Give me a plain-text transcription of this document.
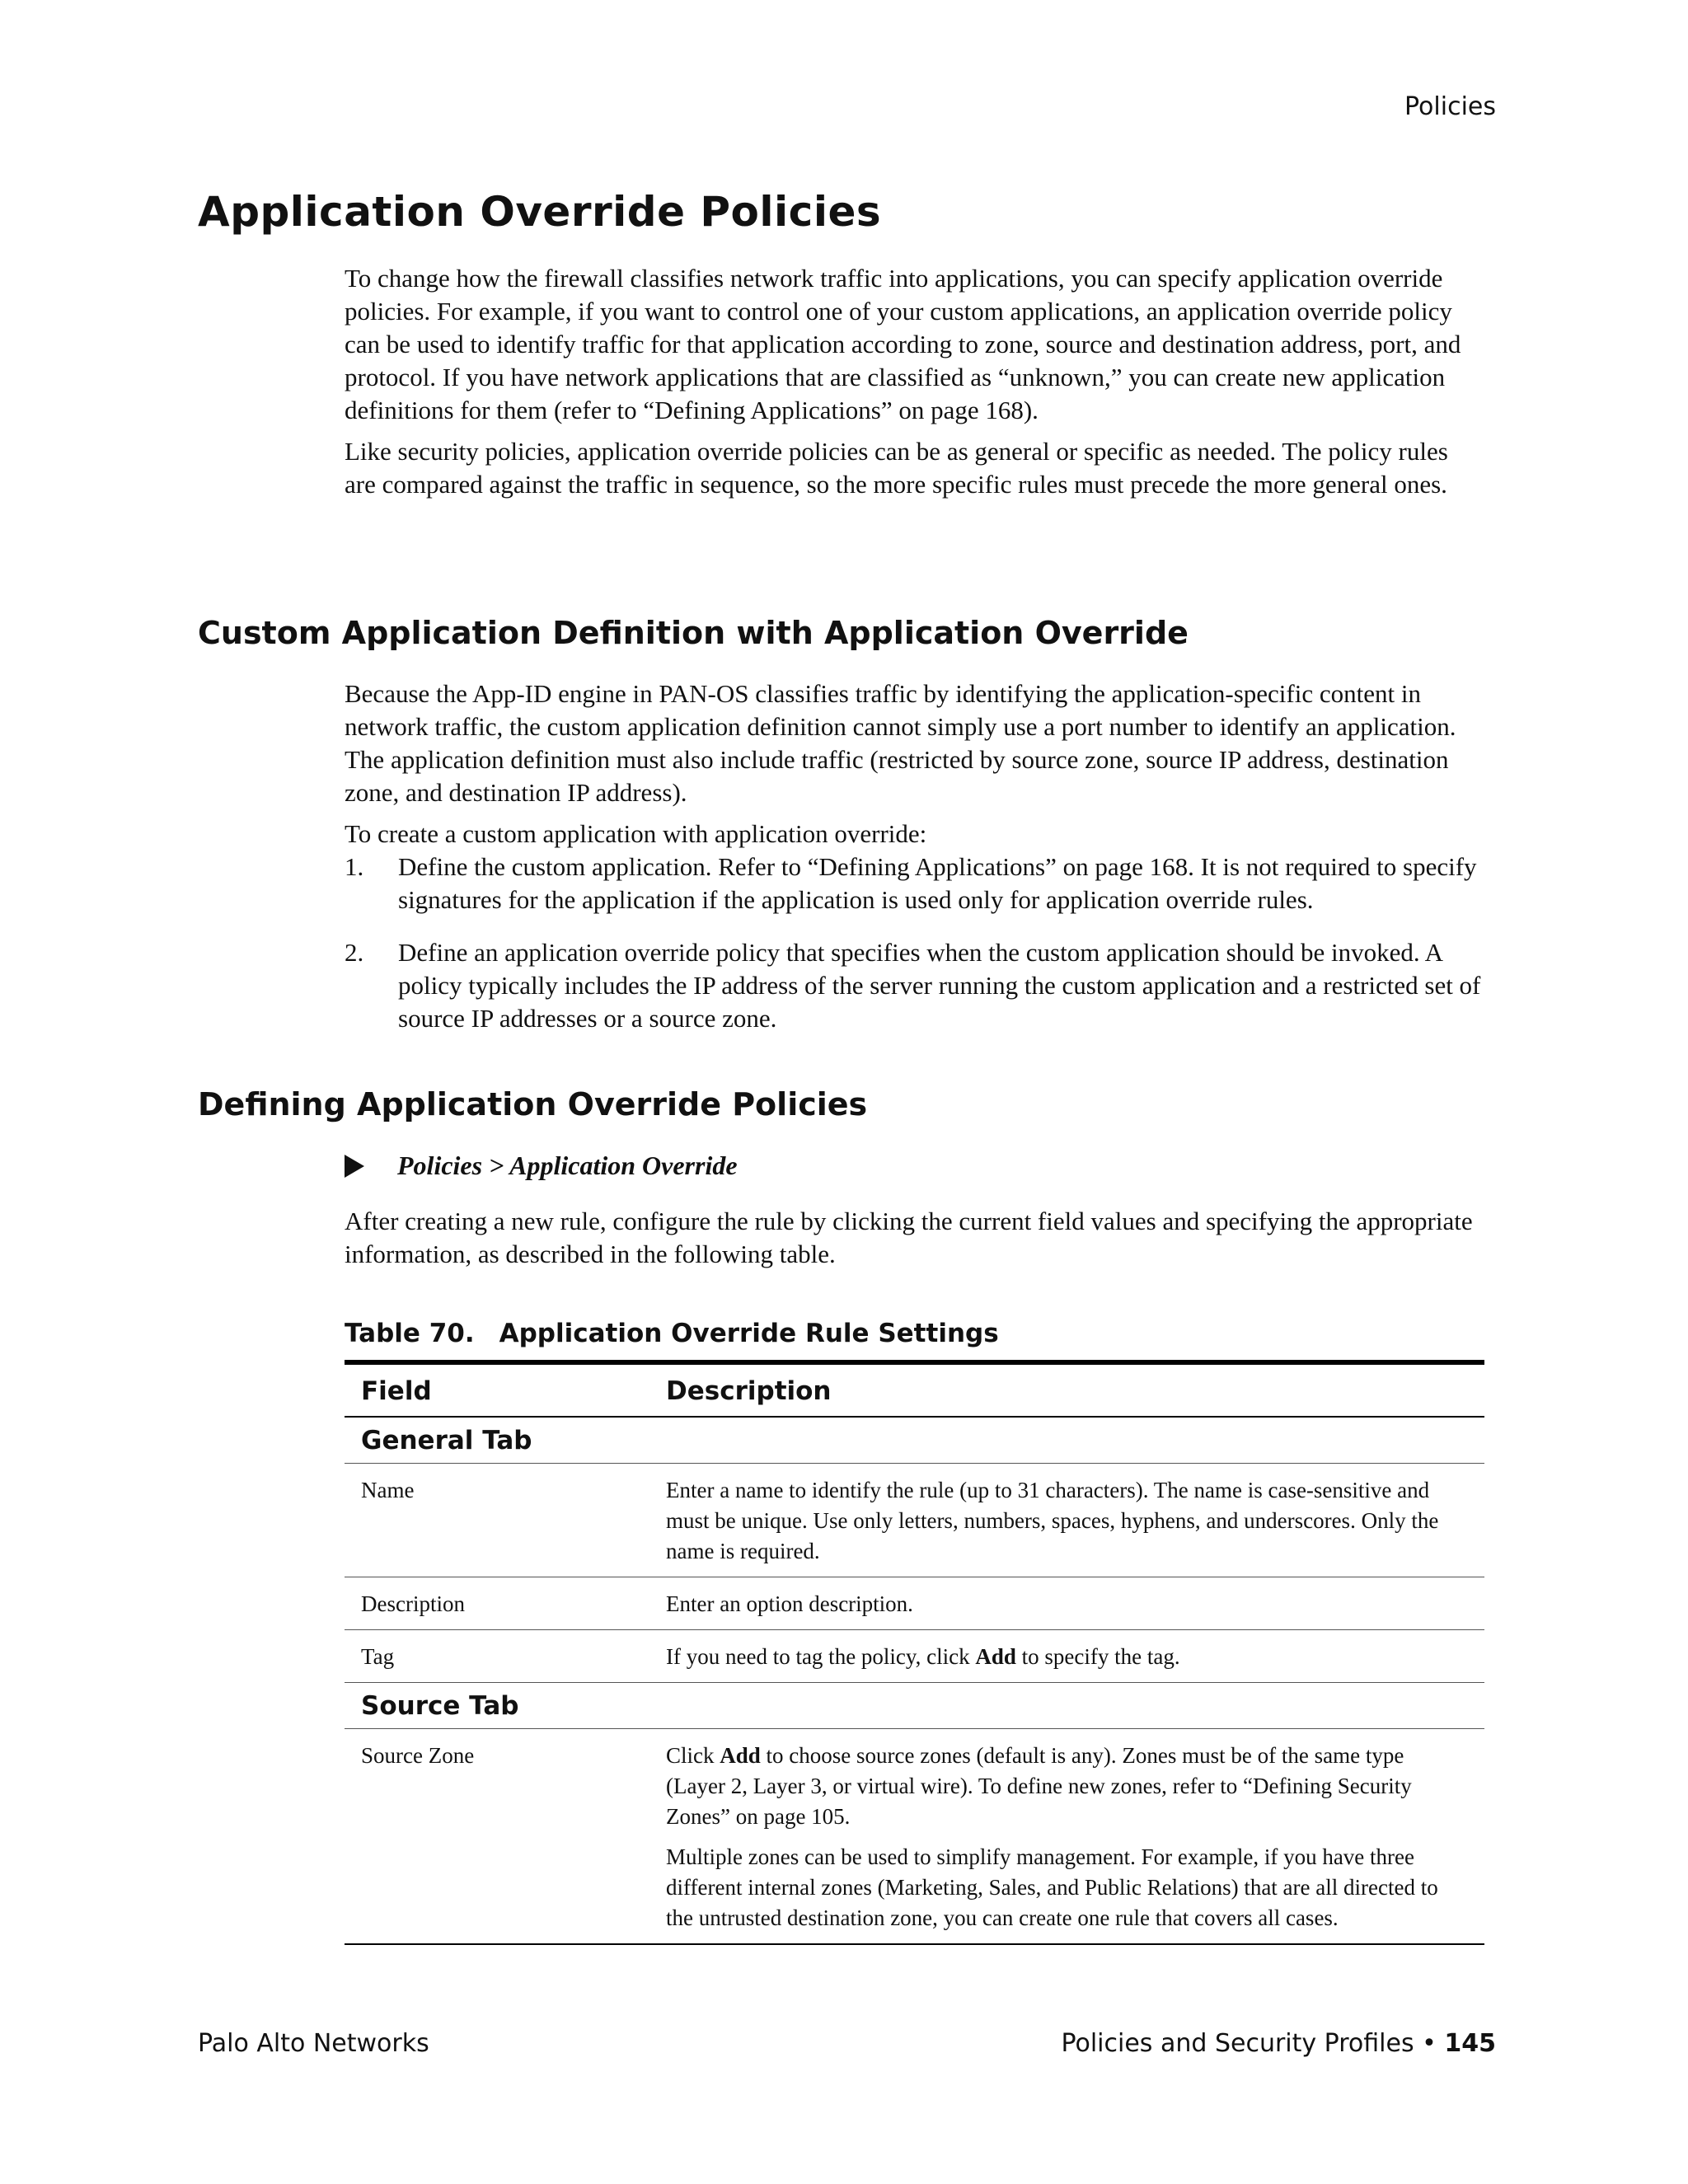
Policies
Application Override Policies

To change how the firewall classifies network traffic into applications, you can specify application override policies. For example, if you want to control one of your custom applications, an application override policy can be used to identify traffic for that application according to zone, source and destination address, port, and protocol. If you have network applications that are classified as “unknown,” you can create new application definitions for them (refer to “Defining Applications” on page 168).

Like security policies, application override policies can be as general or specific as needed. The policy rules are compared against the traffic in sequence, so the more specific rules must precede the more general ones.

Custom Application Definition with Application Override

Because the App-ID engine in PAN-OS classifies traffic by identifying the application-specific content in network traffic, the custom application definition cannot simply use a port number to identify an application. The application definition must also include traffic (restricted by source zone, source IP address, destination zone, and destination IP address).

To create a custom application with application override:

1. Define the custom application. Refer to “Defining Applications” on page 168. It is not required to specify signatures for the application if the application is used only for application override rules.
2. Define an application override policy that specifies when the custom application should be invoked. A policy typically includes the IP address of the server running the custom application and a restricted set of source IP addresses or a source zone.
Defining Application Override Policies
Policies > Application Override

After creating a new rule, configure the rule by clicking the current field values and specifying the appropriate information, as described in the following table.

Table 70. Application Override Rule Settings
Field	Description
General Tab	
Name	Enter a name to identify the rule (up to 31 characters). The name is case-sensitive and must be unique. Use only letters, numbers, spaces, hyphens, and underscores. Only the name is required.
Description	Enter an option description.
Tag	If you need to tag the policy, click Add to specify the tag.
Source Tab	
Source Zone	Click Add to choose source zones (default is any). Zones must be of the same type (Layer 2, Layer 3, or virtual wire). To define new zones, refer to “Defining Security Zones” on page 105.

Multiple zones can be used to simplify management. For example, if you have three different internal zones (Marketing, Sales, and Public Relations) that are all directed to the untrusted destination zone, you can create one rule that covers all cases.

Palo Alto Networks	Policies and Security Profiles • 145
